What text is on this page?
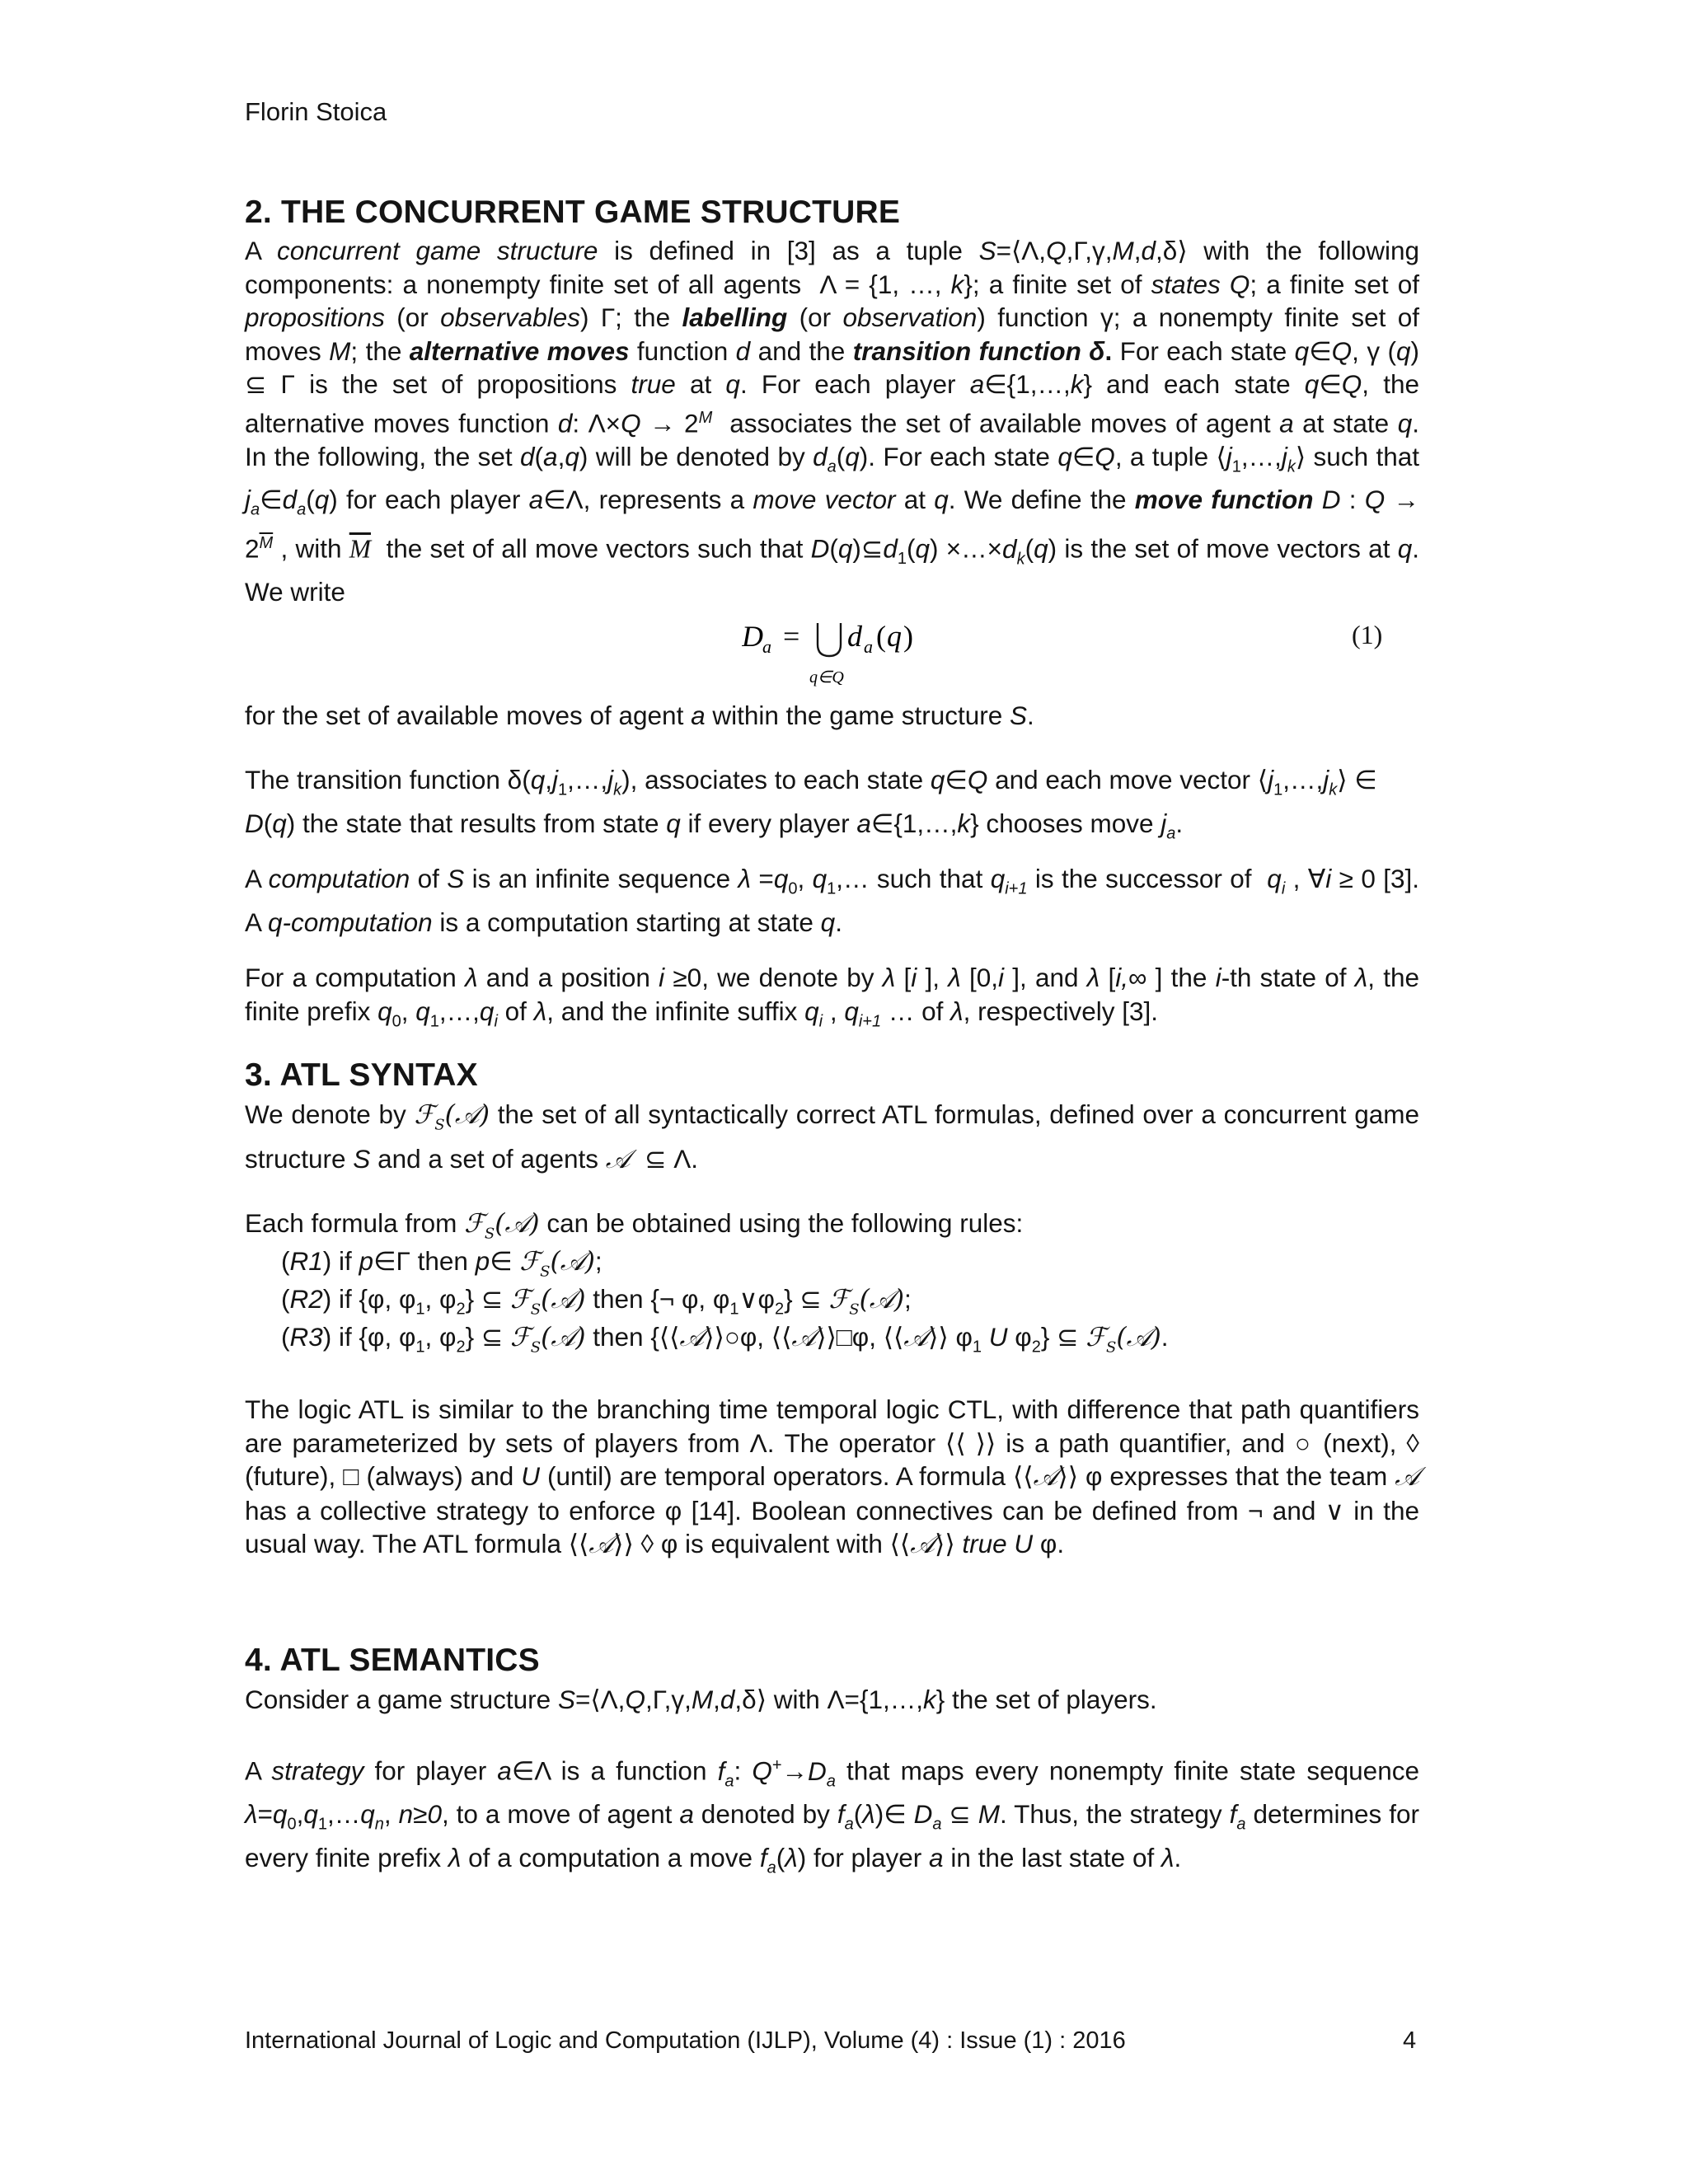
Florin Stoica
2. THE CONCURRENT GAME STRUCTURE
A concurrent game structure is defined in [3] as a tuple S=⟨Λ,Q,Γ,γ,M,d,δ⟩ with the following components: a nonempty finite set of all agents  Λ = {1, …, k}; a finite set of states Q; a finite set of propositions (or observables) Γ; the labelling (or observation) function γ; a nonempty finite set of moves M; the alternative moves function d and the transition function δ. For each state q∈Q, γ (q) ⊆ Γ is the set of propositions true at q. For each player a∈{1,…,k} and each state q∈Q, the alternative moves function d: $\Lambda\times Q \to 2^M$  associates the set of available moves of agent a at state q. In the following, the set d(a,q) will be denoted by $d_a(q)$. For each state q∈Q, a tuple $⟨j_1,\dots,j_k⟩$ such that $j_a\in d_a(q)$ for each player a∈Λ, represents a move vector at q. We define the move function D : $Q \to 2^{\overline{M}}$ , with $\overline{M}$  the set of all move vectors such that $D(q)⊆d_1(q)$ $\times\dots\times d_k(q)$ is the set of move vectors at q. We write
D a =
q∈Q
d a ( q )	(1)
for the set of available moves of agent a within the game structure S.
The transition function $\delta(q,j_1,\dots,j_k)$, associates to each state q∈Q and each move vector $⟨j_1,\dots,j_k⟩$ ∈ D(q) the state that results from state q if every player a∈{1,…,k} chooses move $j_a$.
A computation of S is an infinite sequence $\lambda =q_0$, $q_1,\dots$ such that $q_{i+1}$ is the successor of  $q_i$ , ∀i ≥ 0 [3]. A q-computation is a computation starting at state q.
For a computation λ and a position i ≥0, we denote by λ [i ], λ [0,i ], and λ [i,∞ ] the i-th state of λ, the finite prefix $q_0$, $q_1,\dots,q_i$ of λ, and the infinite suffix $q_i$ , $q_{i+1}$ … of λ, respectively [3].
3. ATL SYNTAX
We denote by ℱ$_S$(𝒜) the set of all syntactically correct ATL formulas, defined over a concurrent game structure S and a set of agents 𝒜  ⊆ Λ.
Each formula from ℱ$_S$(𝒜) can be obtained using the following rules:
(R1) if p∈Γ then p∈ ℱ$_S$(𝒜);
(R2) if {φ, $\varphi_1$, $\varphi_2$} ⊆ ℱ$_S$(𝒜) then {¬ φ, $\varphi_1\vee\varphi_2$} ⊆ ℱ$_S$(𝒜);
(R3) if {φ, $\varphi_1$, $\varphi_2$} ⊆ ℱ$_S$(𝒜) then {⟨⟨𝒜⟩⟩○φ, ⟨⟨𝒜⟩⟩□φ, ⟨⟨𝒜⟩⟩ $\varphi_1$ U $\varphi_2$} ⊆ ℱ$_S$(𝒜).
The logic ATL is similar to the branching time temporal logic CTL, with difference that path quantifiers are parameterized by sets of players from Λ. The operator ⟨⟨ ⟩⟩ is a path quantifier, and ○ (next), ◊ (future), □ (always) and U (until) are temporal operators. A formula ⟨⟨𝒜⟩⟩ φ expresses that the team 𝒜 has a collective strategy to enforce φ [14]. Boolean connectives can be defined from ¬ and ∨ in the usual way. The ATL formula ⟨⟨𝒜⟩⟩ ◊ φ is equivalent with ⟨⟨𝒜⟩⟩ true U φ.
4. ATL SEMANTICS
Consider a game structure S=⟨Λ,Q,Γ,γ,M,d,δ⟩ with Λ={1,…,k} the set of players.
A strategy for player a∈Λ is a function $f_a$: $Q^+\to D_a$ that maps every nonempty finite state sequence $\lambda=q_0,q_1,\dots q_n$, n≥0, to a move of agent a denoted by $f_a(\lambda)\in$ $D_a$ ⊆ M. Thus, the strategy $f_a$ determines for every finite prefix λ of a computation a move $f_a(\lambda)$ for player a in the last state of λ.
International Journal of Logic and Computation (IJLP), Volume (4) : Issue (1) : 2016	4
